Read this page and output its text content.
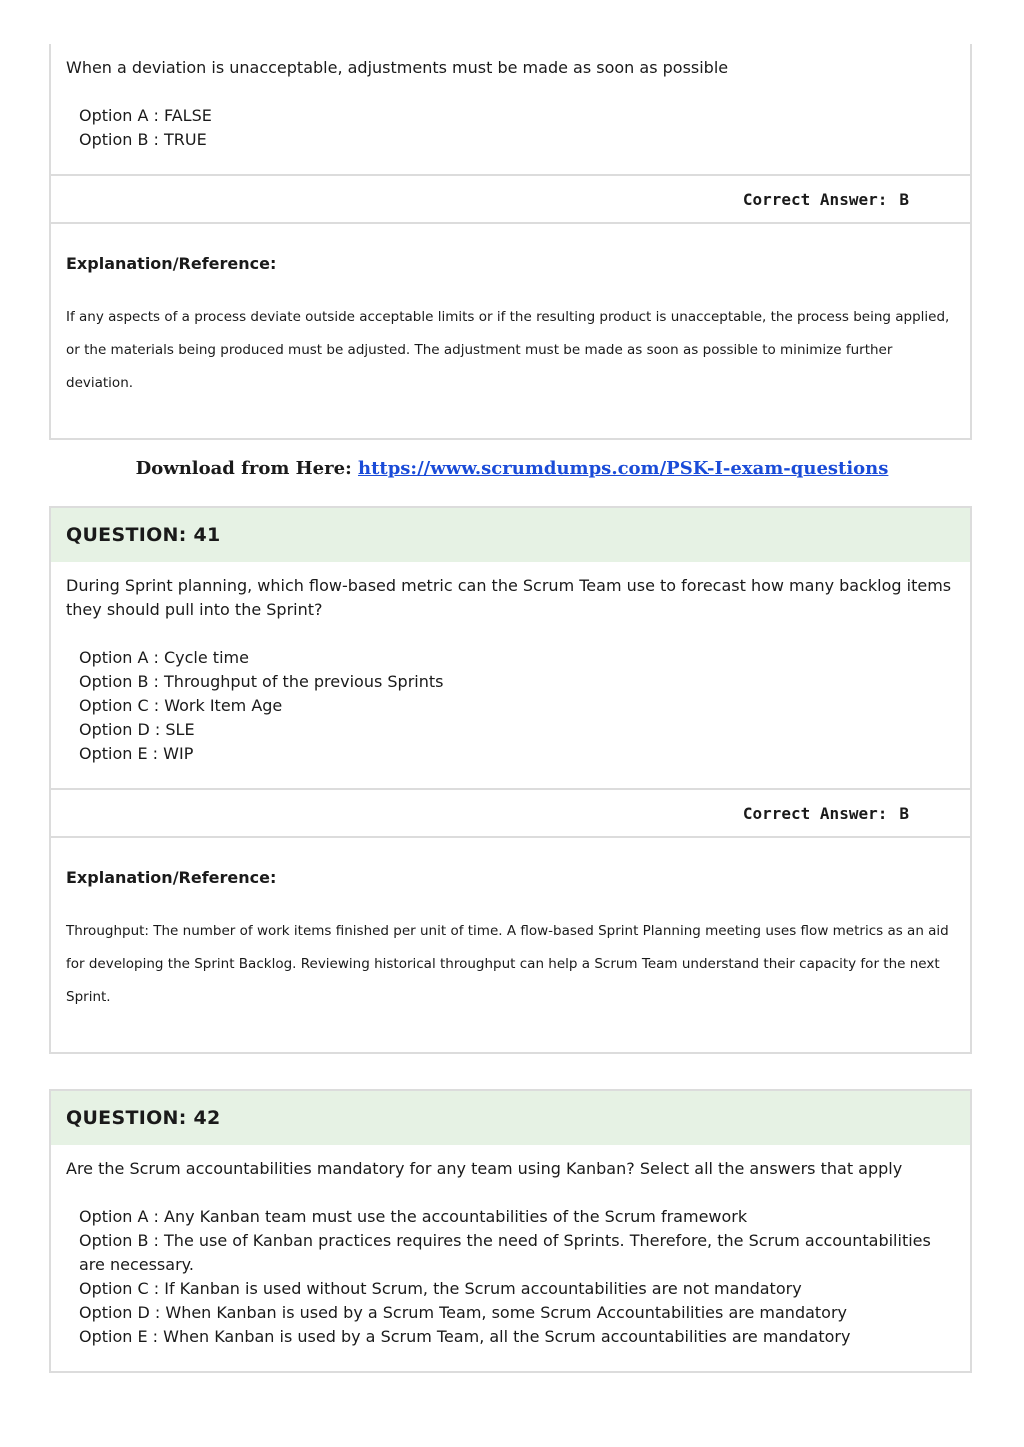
When a deviation is unacceptable, adjustments must be made as soon as possible

Option A : FALSE
Option B : TRUE
Correct Answer: B
Explanation/Reference:

If any aspects of a process deviate outside acceptable limits or if the resulting product is unacceptable, the process being applied, or the materials being produced must be adjusted. The adjustment must be made as soon as possible to minimize further deviation.

Download from Here: https://www.scrumdumps.com/PSK-I-exam-questions
QUESTION: 41

During Sprint planning, which flow-based metric can the Scrum Team use to forecast how many backlog items they should pull into the Sprint?

Option A : Cycle time
Option B : Throughput of the previous Sprints
Option C : Work Item Age
Option D : SLE
Option E : WIP
Correct Answer: B
Explanation/Reference:

Throughput: The number of work items finished per unit of time. A flow-based Sprint Planning meeting uses flow metrics as an aid for developing the Sprint Backlog. Reviewing historical throughput can help a Scrum Team understand their capacity for the next Sprint.

QUESTION: 42

Are the Scrum accountabilities mandatory for any team using Kanban? Select all the answers that apply

Option A : Any Kanban team must use the accountabilities of the Scrum framework
Option B : The use of Kanban practices requires the need of Sprints. Therefore, the Scrum accountabilities are necessary.
Option C : If Kanban is used without Scrum, the Scrum accountabilities are not mandatory
Option D : When Kanban is used by a Scrum Team, some Scrum Accountabilities are mandatory
Option E : When Kanban is used by a Scrum Team, all the Scrum accountabilities are mandatory
